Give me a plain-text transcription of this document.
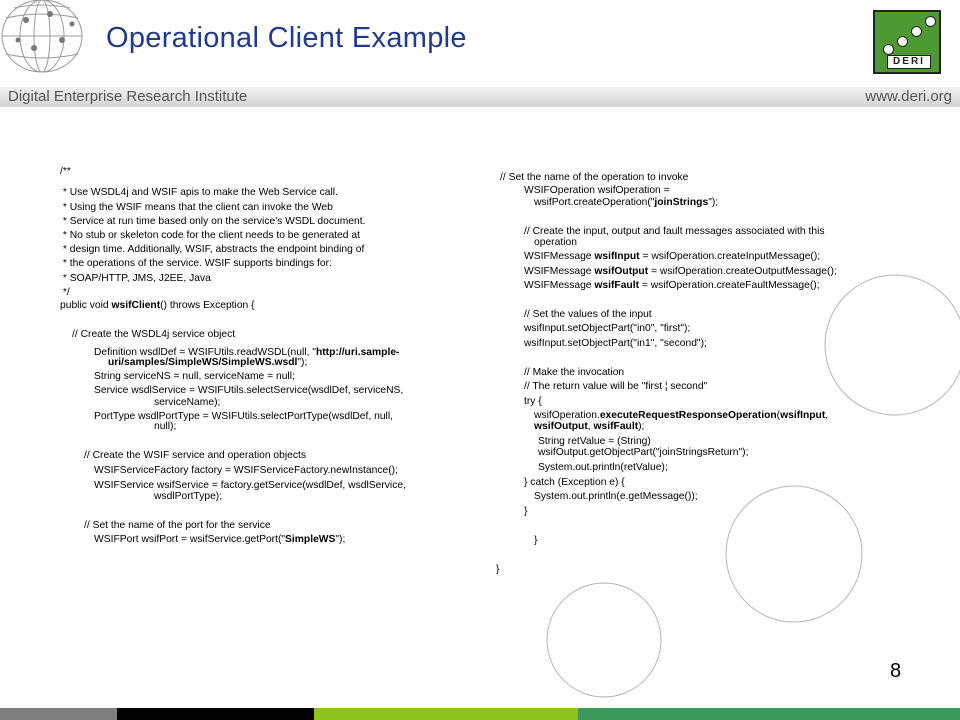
Operational Client Example
DERI
Digital Enterprise Research Institute	www.deri.org
/**
* Use WSDL4j and WSIF apis to make the Web Service call.
* Using the WSIF means that the client can invoke the Web
* Service at run time based only on the service's WSDL document.
* No stub or skeleton code for the client needs to be generated at
* design time. Additionally, WSIF, abstracts the endpoint binding of
* the operations of the service. WSIF supports bindings for:
* SOAP/HTTP, JMS, J2EE, Java
*/
public void wsifClient() throws Exception {
// Create the WSDL4j service object
Definition wsdlDef = WSIFUtils.readWSDL(null, "http://uri.sample-
uri/samples/SimpleWS/SimpleWS.wsdl");
String serviceNS = null, serviceName = null;
Service wsdlService = WSIFUtils.selectService(wsdlDef, serviceNS,
serviceName);
PortType wsdlPortType = WSIFUtils.selectPortType(wsdlDef, null,
null);
// Create the WSIF service and operation objects
WSIFServiceFactory factory = WSIFServiceFactory.newInstance();
WSIFService wsifService = factory.getService(wsdlDef, wsdlService,
wsdlPortType);
// Set the name of the port for the service
WSIFPort wsifPort = wsifService.getPort("SimpleWS");
// Set the name of the operation to invoke
WSIFOperation wsifOperation =
wsifPort.createOperation("joinStrings");
// Create the input, output and fault messages associated with this
operation
WSIFMessage wsifInput = wsifOperation.createInputMessage();
WSIFMessage wsifOutput = wsifOperation.createOutputMessage();
WSIFMessage wsifFault = wsifOperation.createFaultMessage();
// Set the values of the input
wsifInput.setObjectPart("in0", "first");
wsifInput.setObjectPart("in1", "second");
// Make the invocation
// The return value will be "first ¦ second"
try {
wsifOperation.executeRequestResponseOperation(wsifInput,
wsifOutput, wsifFault);
String retValue = (String)
wsifOutput.getObjectPart("joinStringsReturn");
System.out.println(retValue);
} catch (Exception e) {
System.out.println(e.getMessage());
}
}
}
8
